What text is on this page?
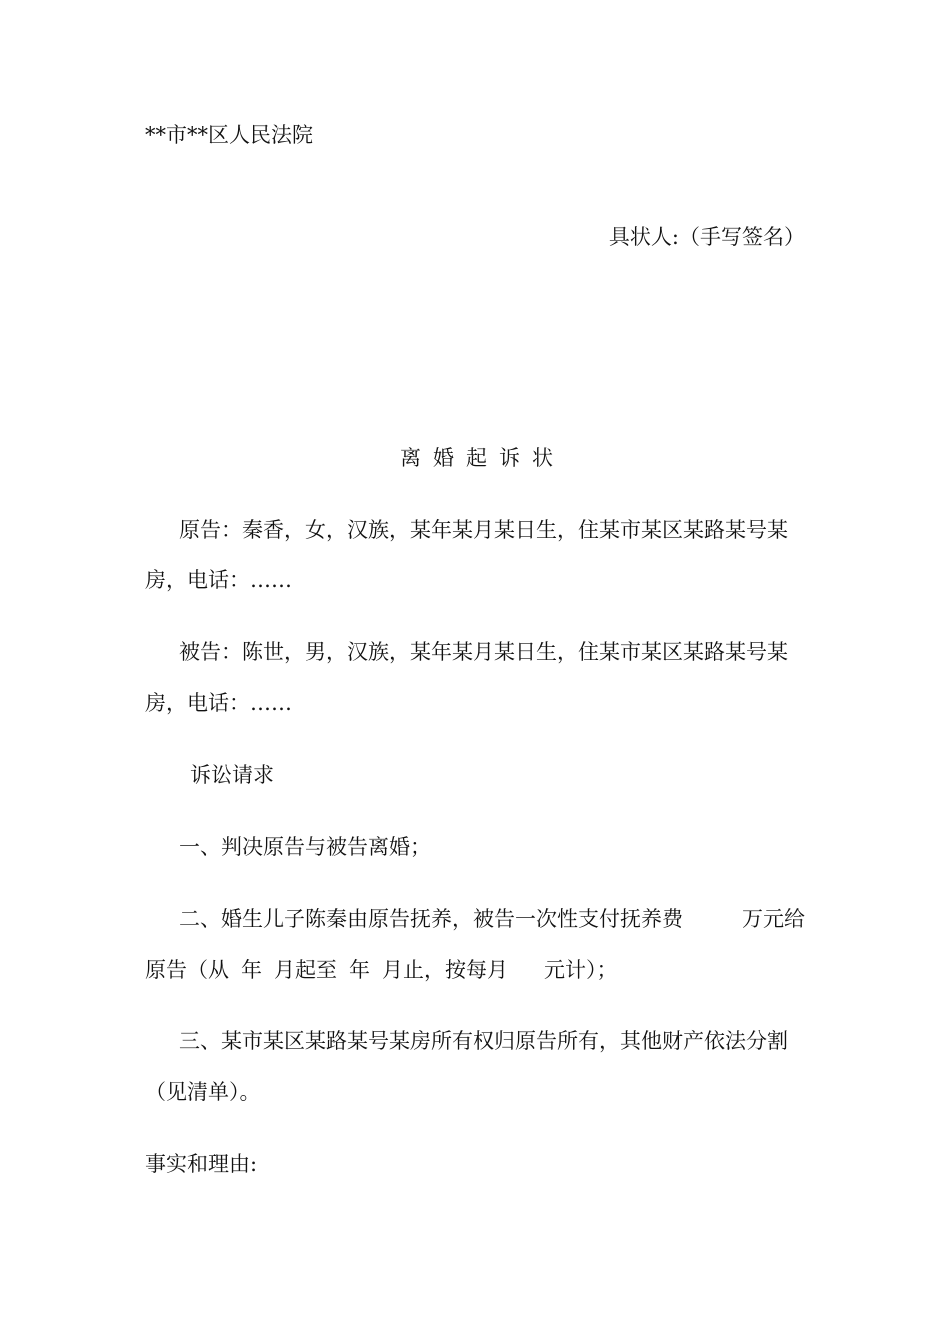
**市**区人民法院
具状人:（手写签名）
离婚起诉状
原告：秦香，女，汉族，某年某月某日生，住某市某区某路某号某
房，电话：……
被告：陈世，男，汉族，某年某月某日生，住某市某区某路某号某
房，电话：……
诉讼请求
一、判决原告与被告离婚；
二、婚生儿子陈秦由原告抚养，被告一次性支付抚养费	万元给
原告（从 年 月起至 年 月止，按每月 元计）；
三、某市某区某路某号某房所有权归原告所有，其他财产依法分割
（见清单）。
事实和理由:
